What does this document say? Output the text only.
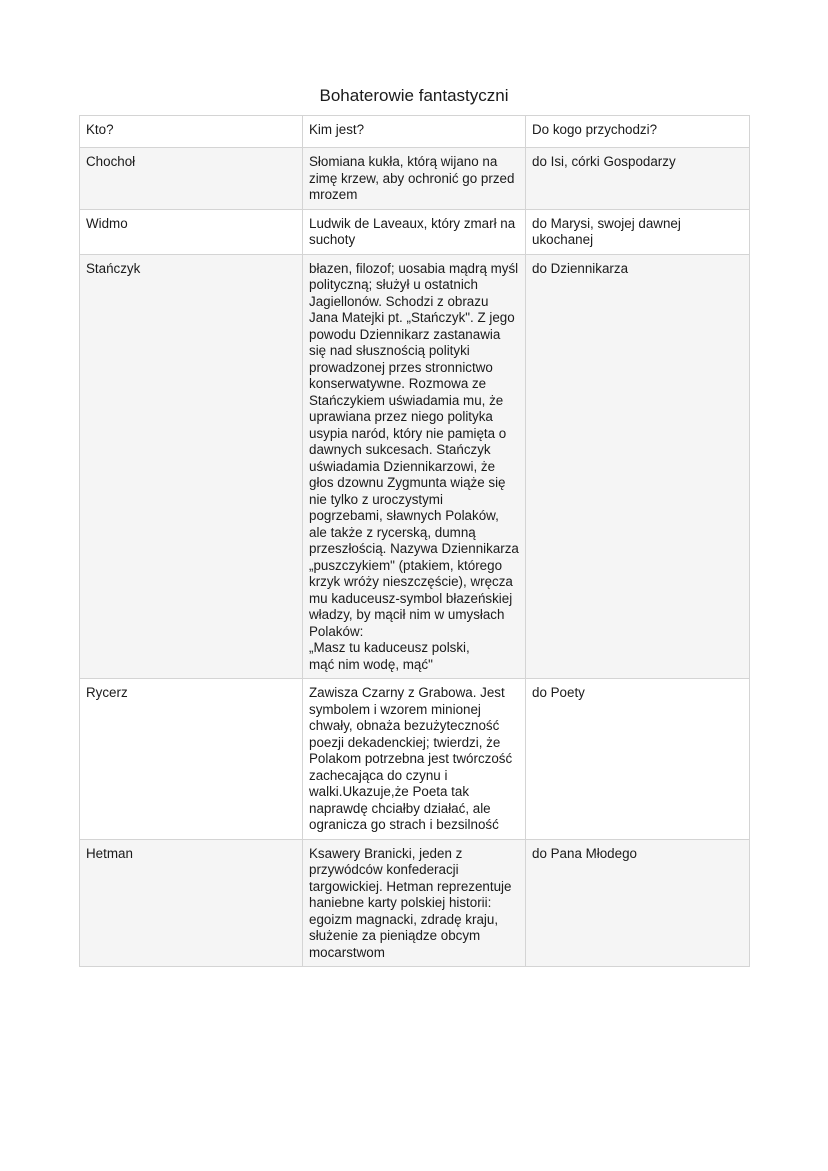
Bohaterowie fantastyczni
Kto?	Kim jest?	Do kogo przychodzi?
Chochoł	Słomiana kukła, którą wijano na zimę krzew, aby ochronić go przed mrozem	do Isi, córki Gospodarzy
Widmo	Ludwik de Laveaux, który zmarł na suchoty	do Marysi, swojej dawnej ukochanej
Stańczyk	błazen, filozof; uosabia mądrą myśl polityczną; służył u ostatnich Jagiellonów. Schodzi z obrazu Jana Matejki pt. „Stańczyk". Z jego powodu Dziennikarz zastanawia się nad słusznością polityki prowadzonej przes stronnictwo konserwatywne. Rozmowa ze Stańczykiem uświadamia mu, że uprawiana przez niego polityka usypia naród, który nie pamięta o dawnych sukcesach. Stańczyk uświadamia Dziennikarzowi, że głos dzownu Zygmunta wiąże się nie tylko z uroczystymi pogrzebami, sławnych Polaków, ale także z rycerską, dumną przeszłością. Nazywa Dziennikarza „puszczykiem" (ptakiem, którego krzyk wróży nieszczęście), wręcza mu kaduceusz-symbol błazeńskiej władzy, by mącił nim w umysłach Polaków:
„Masz tu kaduceusz polski,
mąć nim wodę, mąć"	do Dziennikarza
Rycerz	Zawisza Czarny z Grabowa. Jest symbolem i wzorem minionej chwały, obnaża bezużyteczność poezji dekadenckiej; twierdzi, że Polakom potrzebna jest twórczość zachecająca do czynu i walki.Ukazuje,że Poeta tak naprawdę chciałby działać, ale ogranicza go strach i bezsilność	do Poety
Hetman	Ksawery Branicki, jeden z przywódców konfederacji targowickiej. Hetman reprezentuje haniebne karty polskiej historii: egoizm magnacki, zdradę kraju, służenie za pieniądze obcym mocarstwom	do Pana Młodego
